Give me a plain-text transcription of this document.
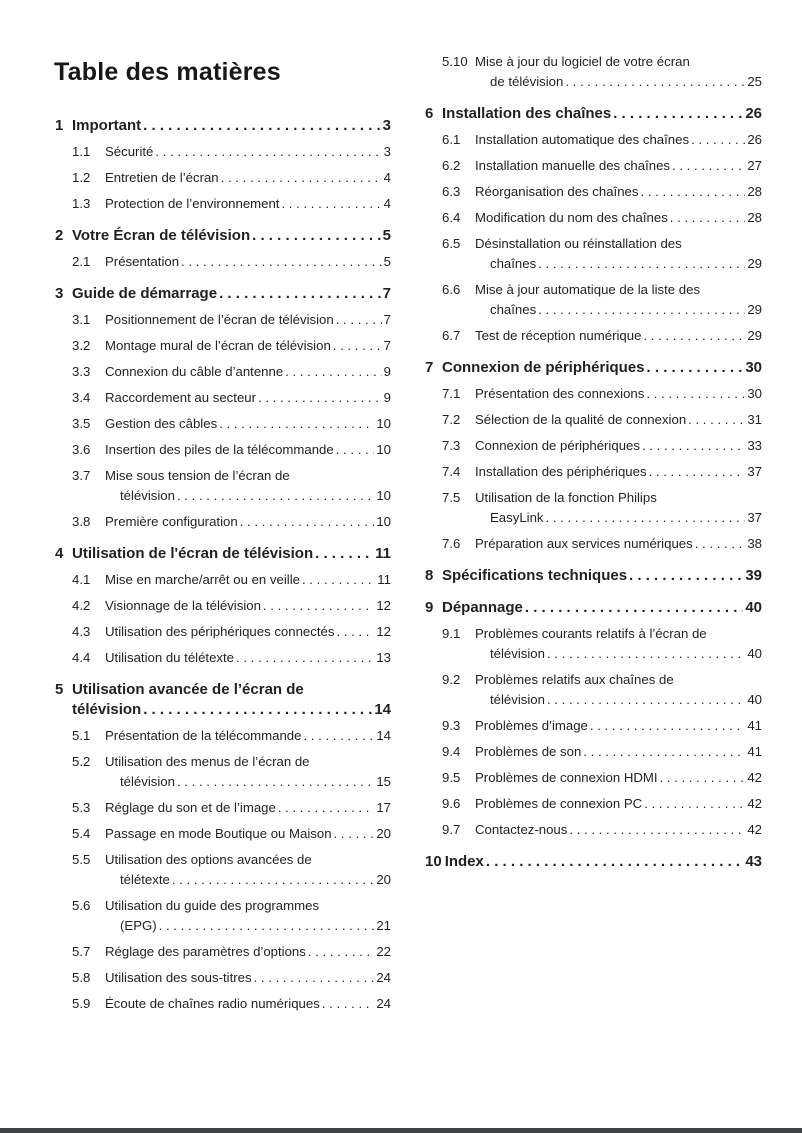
Table des matières
1 Important . . .	3
1.1	Sécurité . . .	3
1.2	Entretien de l’écran . . .	4
1.3	Protection de l’environnement . . .	4
2 Votre Écran de télévision . . .	5
2.1	Présentation . . .	5
3 Guide de démarrage . . .	7
3.1	Positionnement de l’écran de télévision . . .	7
3.2	Montage mural de l’écran de télévision . . .	7
3.3	Connexion du câble d’antenne . . .	9
3.4	Raccordement au secteur . . .	9
3.5	Gestion des câbles . . .	10
3.6	Insertion des piles de la télécommande . . .	10
3.7	Mise sous tension de l’écran de
télévision . . .	10
3.8	Première configuration . . .	10
4 Utilisation de l'écran de télévision . . .	11
4.1	Mise en marche/arrêt ou en veille . . .	11
4.2	Visionnage de la télévision . . .	12
4.3	Utilisation des périphériques connectés . . .	12
4.4	Utilisation du télétexte . . .	13
5 Utilisation avancée de l’écran de
télévision . . .	14
5.1	Présentation de la télécommande . . .	14
5.2	Utilisation des menus de l’écran de
télévision . . .	15
5.3	Réglage du son et de l’image . . .	17
5.4	Passage en mode Boutique ou Maison . . .	20
5.5	Utilisation des options avancées de
télétexte . . .	20
5.6	Utilisation du guide des programmes
(EPG) . . .	21
5.7	Réglage des paramètres d’options . . .	22
5.8	Utilisation des sous-titres . . .	24
5.9	Écoute de chaînes radio numériques . . .	24
5.10 Mise à jour du logiciel de votre écran
de télévision . . .	25
6 Installation des chaînes . . .	26
6.1	Installation automatique des chaînes . . .	26
6.2	Installation manuelle des chaînes . . .	27
6.3	Réorganisation des chaînes . . .	28
6.4	Modification du nom des chaînes . . .	28
6.5	Désinstallation ou réinstallation des
chaînes . . .	29
6.6	Mise à jour automatique de la liste des
chaînes . . .	29
6.7	Test de réception numérique . . .	29
7 Connexion de périphériques . . .	30
7.1	Présentation des connexions . . .	30
7.2	Sélection de la qualité de connexion . . .	31
7.3	Connexion de périphériques . . .	33
7.4	Installation des périphériques . . .	37
7.5	Utilisation de la fonction Philips
EasyLink . . .	37
7.6	Préparation aux services numériques . . .	38
8 Spécifications techniques . . .	39
9 Dépannage . . .	40
9.1	Problèmes courants relatifs à l’écran de
télévision . . .	40
9.2	Problèmes relatifs aux chaînes de
télévision . . .	40
9.3	Problèmes d’image . . .	41
9.4	Problèmes de son . . .	41
9.5	Problèmes de connexion HDMI . . .	42
9.6	Problèmes de connexion PC . . .	42
9.7	Contactez-nous . . .	42
10 Index . . .	43
